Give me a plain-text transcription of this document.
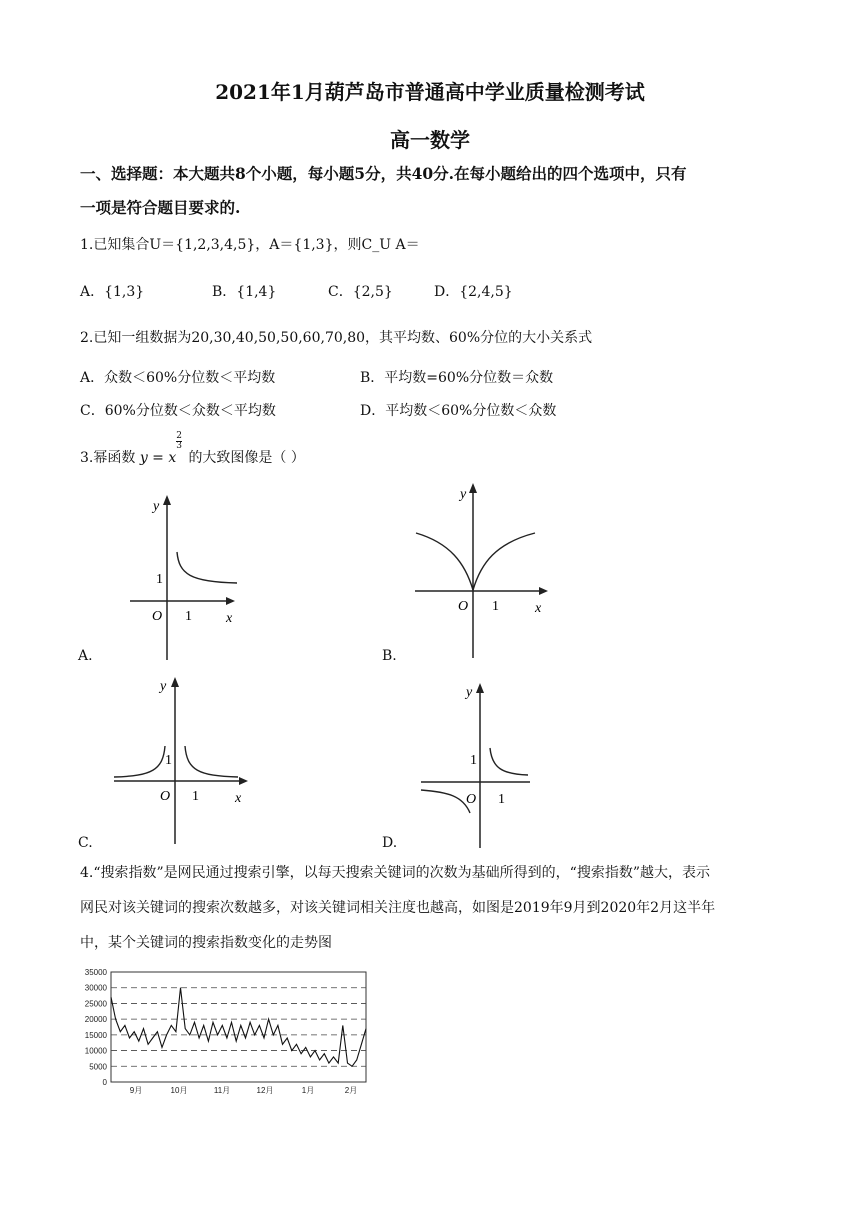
2021年1月葫芦岛市普通高中学业质量检测考试
高一数学
一、选择题：本大题共8个小题，每小题5分，共40分.在每小题给出的四个选项中，只有
一项是符合题目要求的.
1.已知集合U＝{1,2,3,4,5}，A＝{1,3}，则C_U A＝
A．{1,3}	B．{1,4}	C．{2,5}	D．{2,4,5}
2.已知一组数据为20,30,40,50,50,60,70,80，其平均数、60%分位的大小关系式
A．众数＜60%分位数＜平均数	B．平均数=60%分位数＝众数
C．60%分位数＜众数＜平均数	D．平均数＜60%分位数＜众数
3.幂函数 y = x
$\frac{2}{3}$
的大致图像是（ ）
y
x
O 1
1
A.
y
x
O 1
B.
y
x
O 1
1
C.
y
O 1
1
D.
4.“搜索指数”是网民通过搜索引擎，以每天搜索关键词的次数为基础所得到的，“搜索指数”越大，表示
网民对该关键词的搜索次数越多，对该关键词相关注度也越高，如图是2019年9月到2020年2月这半年
中，某个关键词的搜索指数变化的走势图
0
5000
10000
15000
20000
25000
30000
35000
9月	10月	11月	12月	1月	2月
